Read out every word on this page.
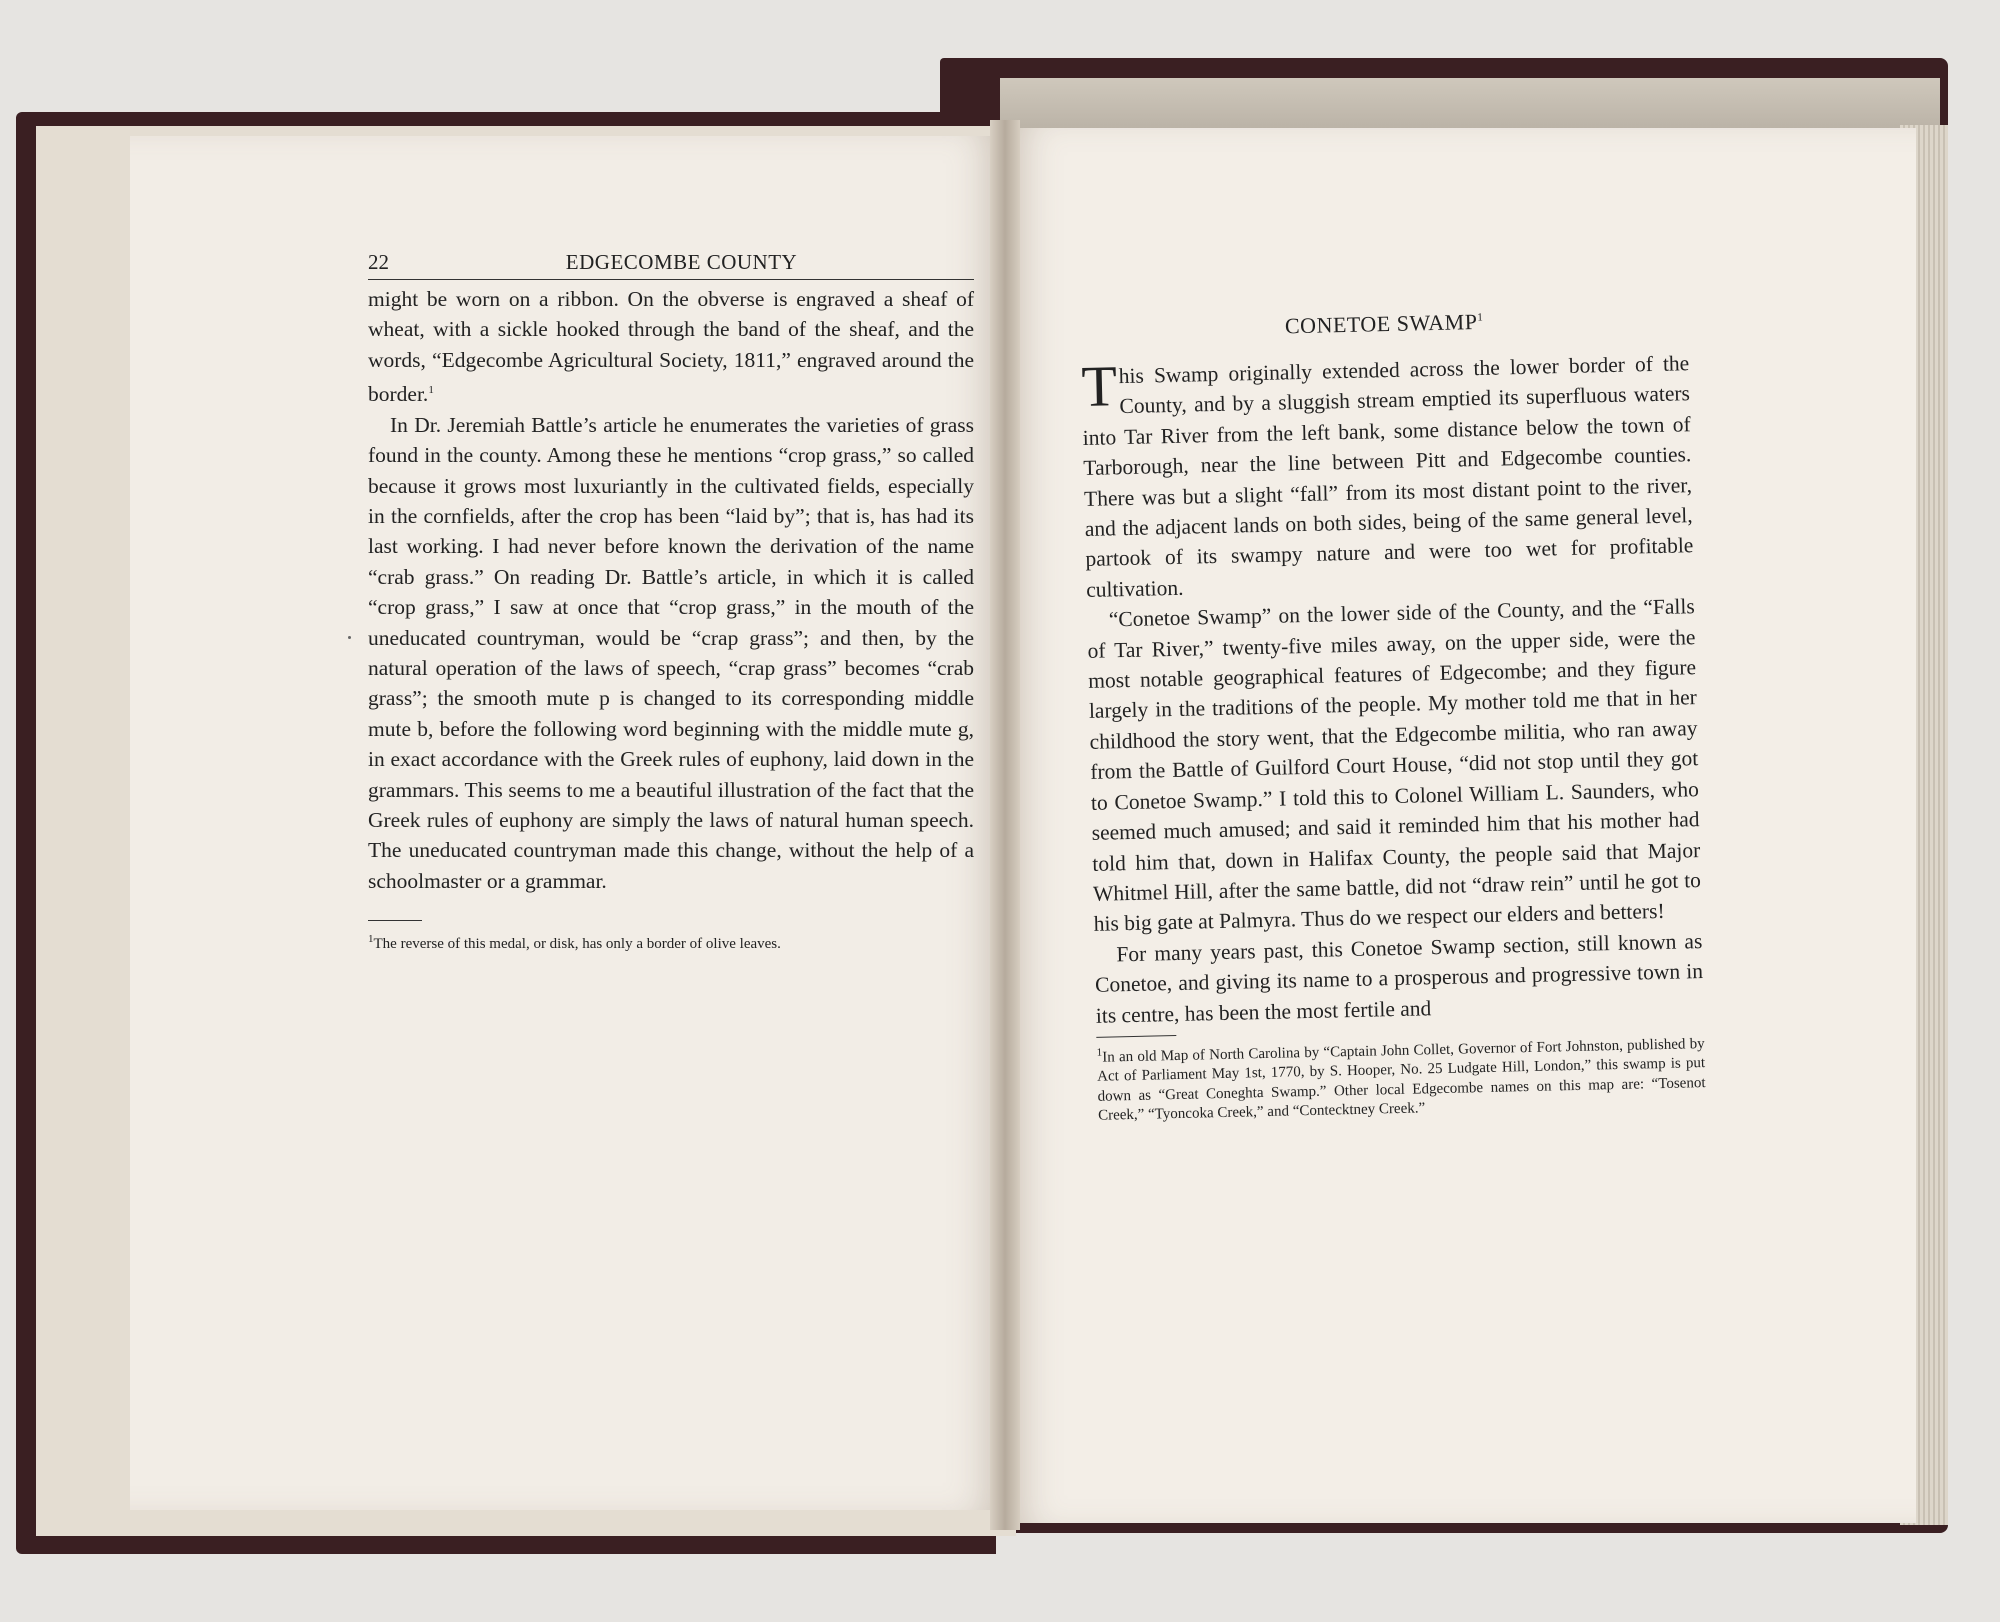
22	EDGECOMBE COUNTY

might be worn on a ribbon. On the obverse is engraved a sheaf of wheat, with a sickle hooked through the band of the sheaf, and the words, “Edgecombe Agricultural Society, 1811,” engraved around the border.$^1$

In Dr. Jeremiah Battle’s article he enumerates the varieties of grass found in the county. Among these he mentions “crop grass,” so called because it grows most luxuriantly in the cultivated fields, especially in the cornfields, after the crop has been “laid by”; that is, has had its last working. I had never before known the derivation of the name “crab grass.” On reading Dr. Battle’s article, in which it is called “crop grass,” I saw at once that “crop grass,” in the mouth of the uneducated countryman, would be “crap grass”; and then, by the natural operation of the laws of speech, “crap grass” becomes “crab grass”; the smooth mute p is changed to its corresponding middle mute b, before the following word beginning with the middle mute g, in exact accordance with the Greek rules of euphony, laid down in the grammars. This seems to me a beautiful illustration of the fact that the Greek rules of euphony are simply the laws of natural human speech. The uneducated countryman made this change, without the help of a schoolmaster or a grammar.

$^1$The reverse of this medal, or disk, has only a border of olive leaves.
CONETOE SWAMP$^1$

This Swamp originally extended across the lower border of the County, and by a sluggish stream emptied its superfluous waters into Tar River from the left bank, some distance below the town of Tarborough, near the line between Pitt and Edgecombe counties. There was but a slight “fall” from its most distant point to the river, and the adjacent lands on both sides, being of the same general level, partook of its swampy nature and were too wet for profitable cultivation.

“Conetoe Swamp” on the lower side of the County, and the “Falls of Tar River,” twenty-five miles away, on the upper side, were the most notable geographical features of Edgecombe; and they figure largely in the traditions of the people. My mother told me that in her childhood the story went, that the Edgecombe militia, who ran away from the Battle of Guilford Court House, “did not stop until they got to Conetoe Swamp.” I told this to Colonel William L. Saunders, who seemed much amused; and said it reminded him that his mother had told him that, down in Halifax County, the people said that Major Whitmel Hill, after the same battle, did not “draw rein” until he got to his big gate at Palmyra. Thus do we respect our elders and betters!

For many years past, this Conetoe Swamp section, still known as Conetoe, and giving its name to a prosperous and progressive town in its centre, has been the most fertile and

$^1$In an old Map of North Carolina by “Captain John Collet, Governor of Fort Johnston, published by Act of Parliament May 1st, 1770, by S. Hooper, No. 25 Ludgate Hill, London,” this swamp is put down as “Great Coneghta Swamp.” Other local Edgecombe names on this map are: “Tosenot Creek,” “Tyoncoka Creek,” and “Contecktney Creek.”
